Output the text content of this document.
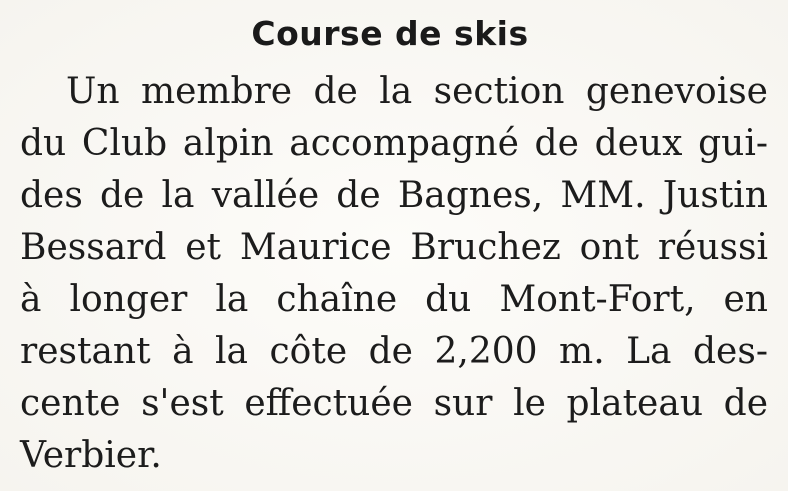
Course de skis
Un membre de la section genevoise
du Club alpin accompagné de deux gui-
des de la vallée de Bagnes, MM. Justin
Bessard et Maurice Bruchez ont réussi
à longer la chaîne du Mont-Fort, en
restant à la côte de 2,200 m. La des-
cente s'est effectuée sur le plateau de
Verbier.
